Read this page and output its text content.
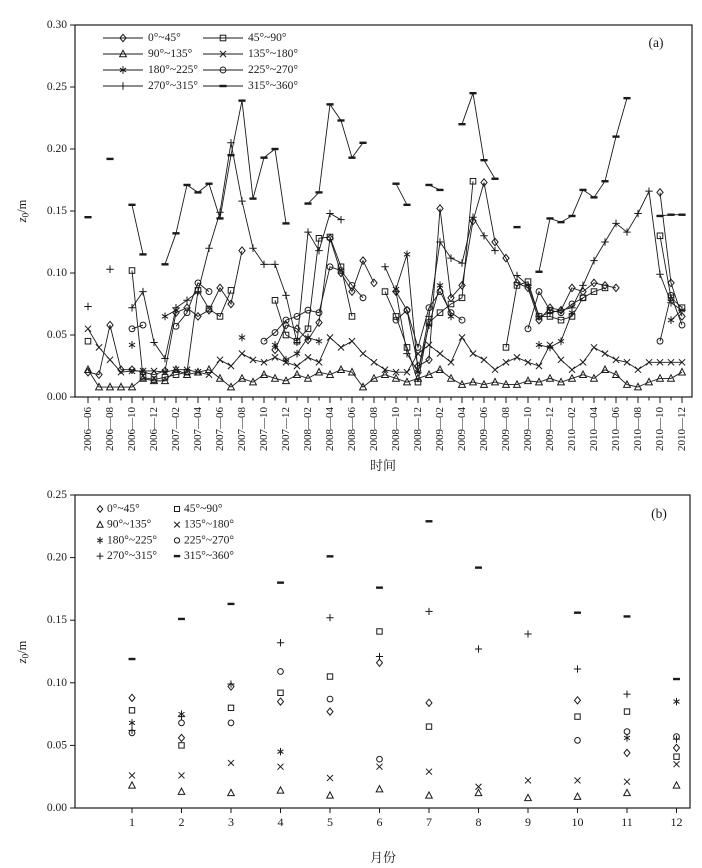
0.00
0.05
0.10
0.15
0.20
0.25
0.30
2006—06 2006—08 2006—10 2006—12 2007—02 2007—04 2007—06 2007—08 2007—10 2007—12 2008—02 2008—04 2008—06 2008—08 2008—10 2008—12 2009—02 2009—04 2009—06 2009—08 2009—10 2009—12 2010—02 2010—04 2010—06 2010—08 2010—10 2010—12
0°~45°	45°~90°
90°~135°	135°~180°
180°~225°	225°~270°
270°~315°	315°~360°
0.00
0.05
0.10
0.15
0.20
0.25
1	2	3	4	5	6	7	8	9	10	11	12
0°~45°	45°~90°
90°~135°	135°~180°
180°~225° 225°~270°
270°~315° 315°~360°
(a)
(b)
时间
月份
$z_0/m$
$z_0/m$
